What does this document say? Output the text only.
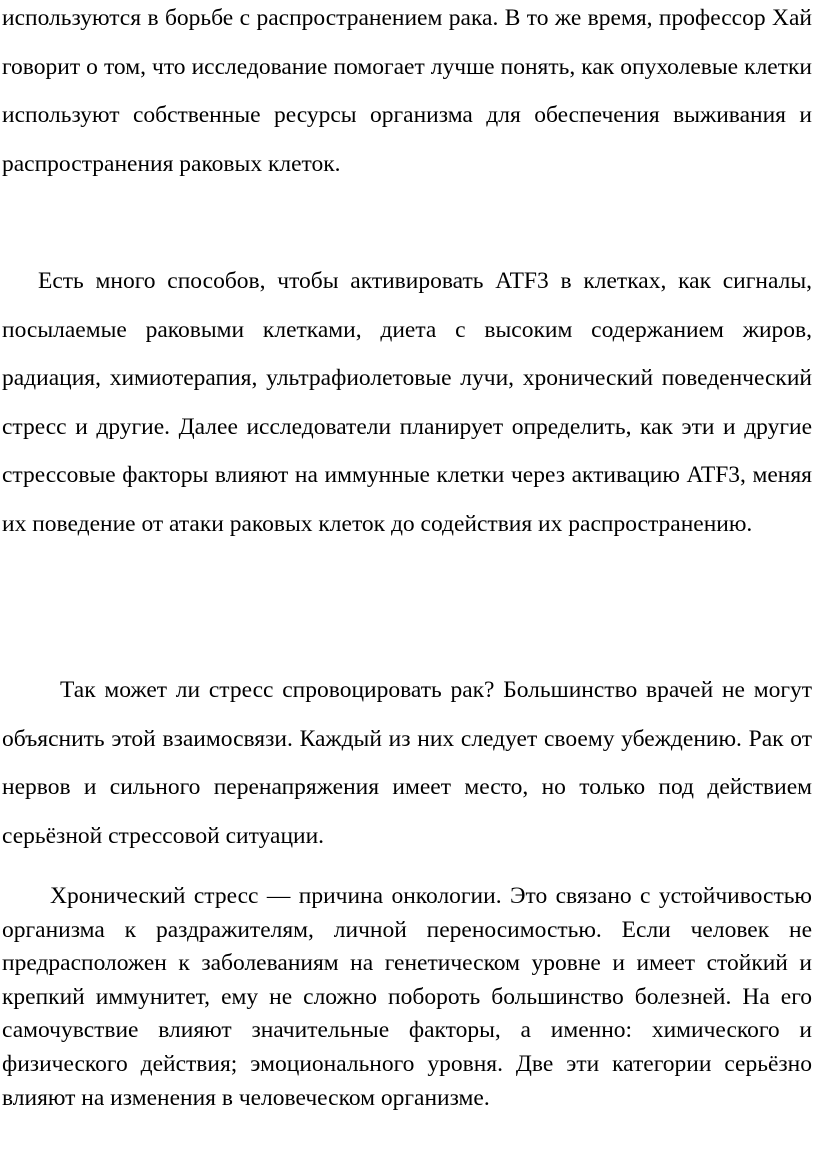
используются в борьбе с распространением рака. В то же время, профессор Хай говорит о том, что исследование помогает лучше понять, как опухолевые клетки используют собственные ресурсы организма для обеспечения выживания и распространения раковых клеток.

Есть много способов, чтобы активировать ATF3 в клетках, как сигналы, посылаемые раковыми клетками, диета с высоким содержанием жиров, радиация, химиотерапия, ультрафиолетовые лучи, хронический поведенческий стресс и другие. Далее исследователи планирует определить, как эти и другие стрессовые факторы влияют на иммунные клетки через активацию ATF3, меняя их поведение от атаки раковых клеток до содействия их распространению.

Так может ли стресс спровоцировать рак? Большинство врачей не могут объяснить этой взаимосвязи. Каждый из них следует своему убеждению. Рак от нервов и сильного перенапряжения имеет место, но только под действием серьёзной стрессовой ситуации.

Хронический стресс — причина онкологии. Это связано с устойчивостью организма к раздражителям, личной переносимостью. Если человек не предрасположен к заболеваниям на генетическом уровне и имеет стойкий и крепкий иммунитет, ему не сложно побороть большинство болезней. На его самочувствие влияют значительные факторы, а именно: химического и физического действия; эмоционального уровня. Две эти категории серьёзно влияют на изменения в человеческом организме.
